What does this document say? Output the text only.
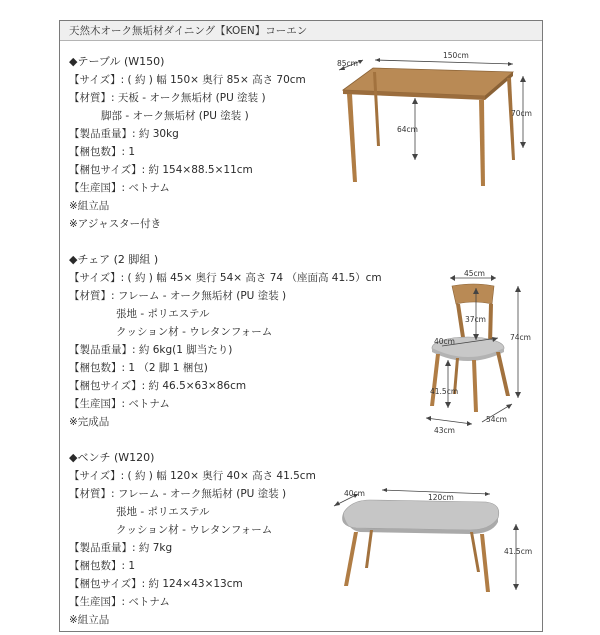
天然木オーク無垢材ダイニング【KOEN】コーエン
◆テーブル (W150)
【サイズ】: ( 約 ) 幅 150× 奥行 85× 高さ 70cm
【材質】: 天板 - オーク無垢材 (PU 塗装 )
脚部 - オーク無垢材 (PU 塗装 )
【製品重量】: 約 30kg
【梱包数】: 1
【梱包サイズ】: 約 154×88.5×11cm
【生産国】: ベトナム
※組立品
※アジャスター付き
85cm
150cm
70cm
64cm
◆チェア (2 脚組 )
【サイズ】: ( 約 ) 幅 45× 奥行 54× 高さ 74 （座面高 41.5）cm
【材質】: フレーム - オーク無垢材 (PU 塗装 )
張地 - ポリエステル
クッション材 - ウレタンフォーム
【製品重量】: 約 6kg(1 脚当たり)
【梱包数】: 1 （2 脚 1 梱包)
【梱包サイズ】: 約 46.5×63×86cm
【生産国】: ベトナム
※完成品
45cm
37cm
40cm	74cm
41.5cm
54cm
43cm
◆ベンチ (W120)
【サイズ】: ( 約 ) 幅 120× 奥行 40× 高さ 41.5cm
【材質】: フレーム - オーク無垢材 (PU 塗装 )
張地 - ポリエステル
クッション材 - ウレタンフォーム
【製品重量】: 約 7kg
【梱包数】: 1
【梱包サイズ】: 約 124×43×13cm
【生産国】: ベトナム
※組立品
40cm	120cm
41.5cm
